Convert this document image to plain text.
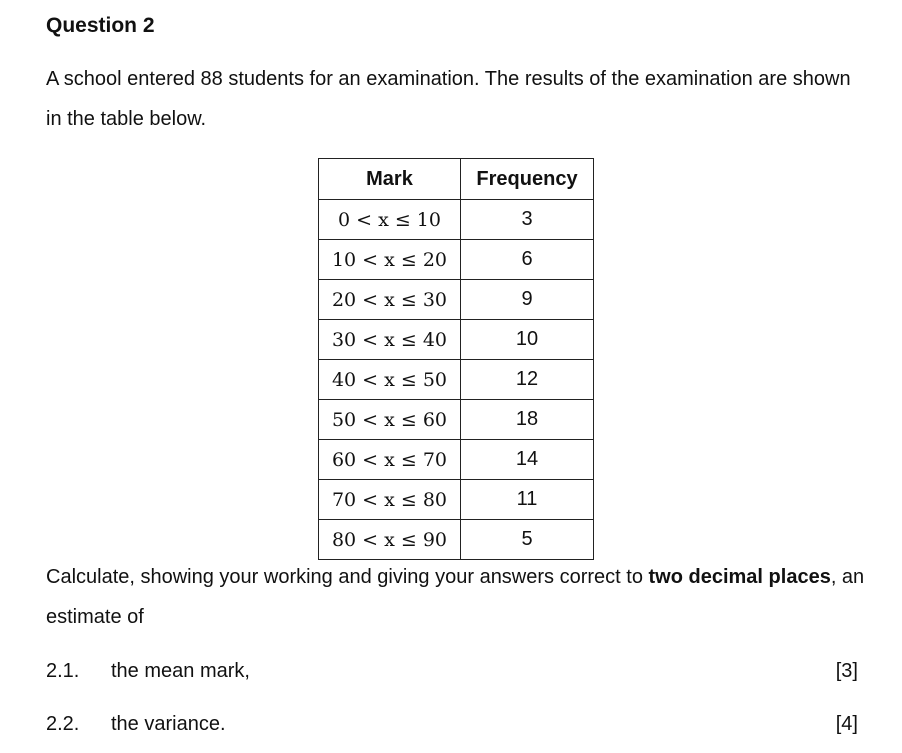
Question 2
A school entered 88 students for an examination. The results of the examination are shown in the table below.
Mark	Frequency
0 < x ≤ 10	3
10 < x ≤ 20	6
20 < x ≤ 30	9
30 < x ≤ 40	10
40 < x ≤ 50	12
50 < x ≤ 60	18
60 < x ≤ 70	14
70 < x ≤ 80	11
80 < x ≤ 90	5
Calculate, showing your working and giving your answers correct to two decimal places, an estimate of
2.1. the mean mark,	[3]
2.2. the variance.	[4]
